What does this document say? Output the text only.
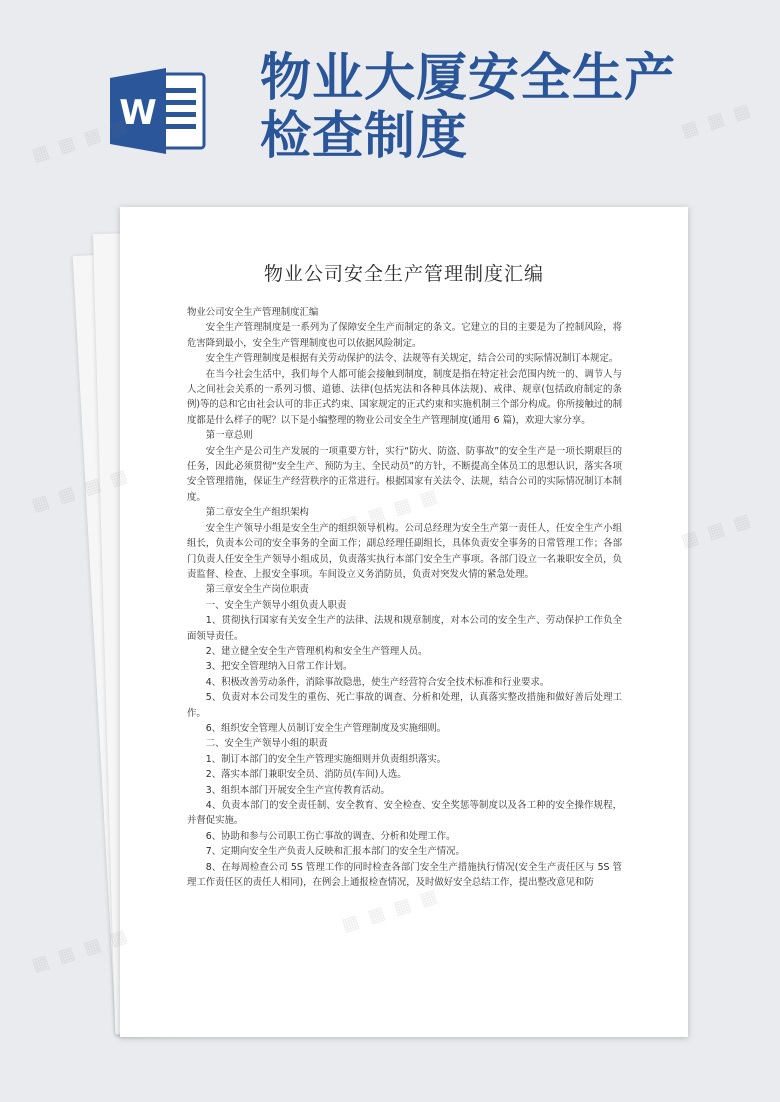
W
物业大厦安全生产
检查制度
物业公司安全生产管理制度汇编

物业公司安全生产管理制度汇编

安全生产管理制度是一系列为了保障安全生产而制定的条文。它建立的目的主要是为了控制风险，将危害降到最小，安全生产管理制度也可以依据风险制定。

安全生产管理制度是根据有关劳动保护的法令、法规等有关规定，结合公司的实际情况制订本规定。

在当今社会生活中，我们每个人都可能会接触到制度，制度是指在特定社会范围内统一的、调节人与人之间社会关系的一系列习惯、道德、法律(包括宪法和各种具体法规)、戒律、规章(包括政府制定的条例)等的总和它由社会认可的非正式约束、国家规定的正式约束和实施机制三个部分构成。你所接触过的制度都是什么样子的呢？以下是小编整理的物业公司安全生产管理制度(通用 6 篇)，欢迎大家分享。

第一章总则

安全生产是公司生产发展的一项重要方针，实行“防火、防盗、防事故”的安全生产是一项长期艰巨的任务，因此必须贯彻“安全生产、预防为主、全民动员”的方针，不断提高全体员工的思想认识，落实各项安全管理措施，保证生产经营秩序的正常进行。根据国家有关法令、法规，结合公司的实际情况制订本制度。

第二章安全生产组织架构

安全生产领导小组是安全生产的组织领导机构。公司总经理为安全生产第一责任人，任安全生产小组组长，负责本公司的安全事务的全面工作；副总经理任副组长，具体负责安全事务的日常管理工作；各部门负责人任安全生产领导小组成员，负责落实执行本部门安全生产事项。各部门设立一名兼职安全员，负责监督、检查、上报安全事项。车间设立义务消防员，负责对突发火情的紧急处理。

第三章安全生产岗位职责

一、安全生产领导小组负责人职责

1、贯彻执行国家有关安全生产的法律、法规和规章制度，对本公司的安全生产、劳动保护工作负全面领导责任。

2、建立健全安全生产管理机构和安全生产管理人员。

3、把安全管理纳入日常工作计划。

4、积极改善劳动条件，消除事故隐患，使生产经营符合安全技术标准和行业要求。

5、负责对本公司发生的重伤、死亡事故的调查、分析和处理，认真落实整改措施和做好善后处理工作。

6、组织安全管理人员制订安全生产管理制度及实施细则。

二、安全生产领导小组的职责

1、制订本部门的安全生产管理实施细则并负责组织落实。

2、落实本部门兼职安全员、消防员(车间)人选。

3、组织本部门开展安全生产宣传教育活动。

4、负责本部门的安全责任制、安全教育、安全检查、安全奖惩等制度以及各工种的安全操作规程，并督促实施。

6、协助和参与公司职工伤亡事故的调查、分析和处理工作。

7、定期向安全生产负责人反映和汇报本部门的安全生产情况。

8、在每周检查公司 5S 管理工作的同时检查各部门安全生产措施执行情况(安全生产责任区与 5S 管理工作责任区的责任人相同)，在例会上通报检查情况，及时做好安全总结工作，提出整改意见和防

▦ ▦ ▦ ▦	▦ ▦ ▦
▦ ▦ ▦ ▦
▦ ▦ ▦
▦ ▦ ▦ ▦
